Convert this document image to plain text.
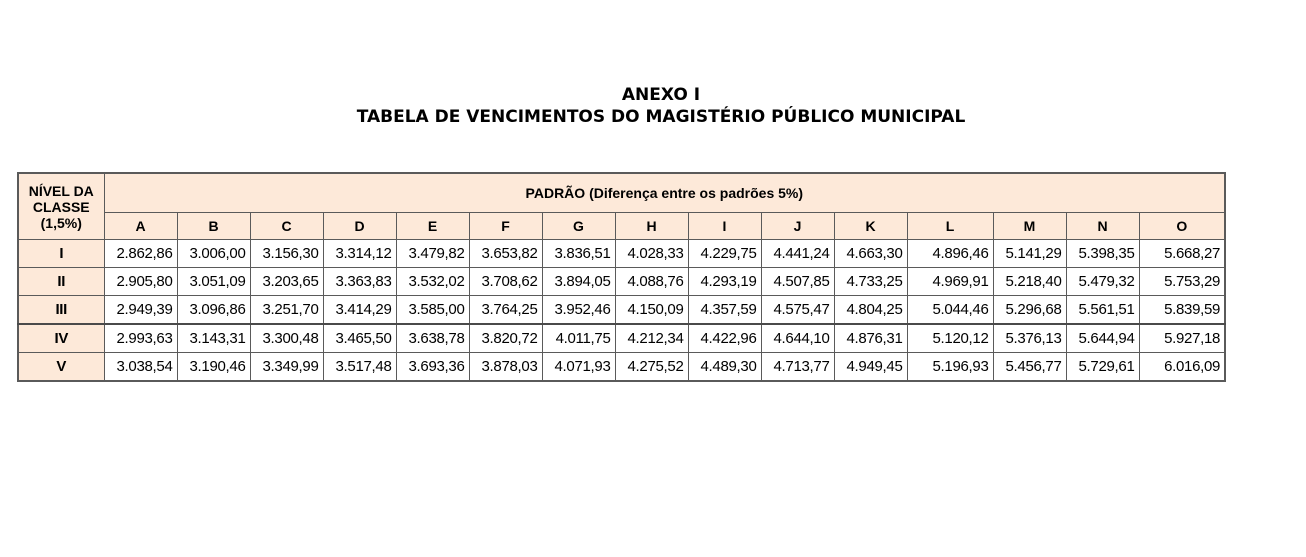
ANEXO I
TABELA DE VENCIMENTOS DO MAGISTÉRIO PÚBLICO MUNICIPAL
NÍVEL DA
CLASSE
(1,5%)	PADRÃO (Diferença entre os padrões 5%)														
	A	B	C	D	E	F	G	H	I	J	K	L	M	N	O
I	2.862,86	3.006,00	3.156,30	3.314,12	3.479,82	3.653,82	3.836,51	4.028,33	4.229,75	4.441,24	4.663,30	4.896,46	5.141,29	5.398,35	5.668,27
II	2.905,80	3.051,09	3.203,65	3.363,83	3.532,02	3.708,62	3.894,05	4.088,76	4.293,19	4.507,85	4.733,25	4.969,91	5.218,40	5.479,32	5.753,29
III	2.949,39	3.096,86	3.251,70	3.414,29	3.585,00	3.764,25	3.952,46	4.150,09	4.357,59	4.575,47	4.804,25	5.044,46	5.296,68	5.561,51	5.839,59
IV	2.993,63	3.143,31	3.300,48	3.465,50	3.638,78	3.820,72	4.011,75	4.212,34	4.422,96	4.644,10	4.876,31	5.120,12	5.376,13	5.644,94	5.927,18
V	3.038,54	3.190,46	3.349,99	3.517,48	3.693,36	3.878,03	4.071,93	4.275,52	4.489,30	4.713,77	4.949,45	5.196,93	5.456,77	5.729,61	6.016,09
